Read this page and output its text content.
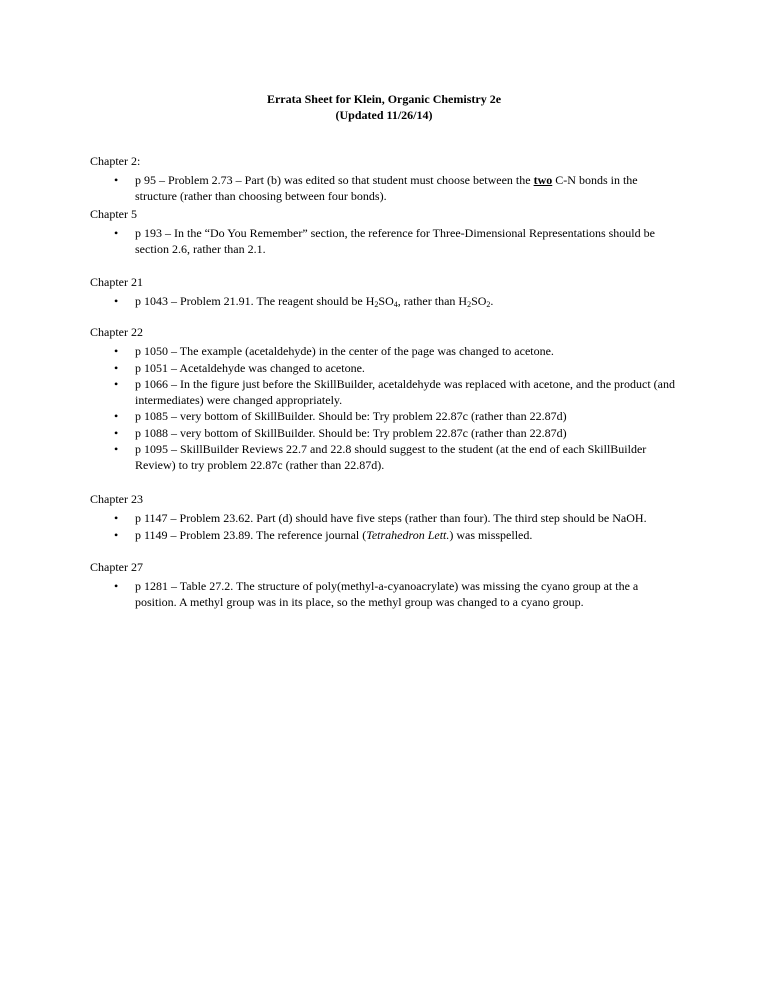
Errata Sheet for Klein, Organic Chemistry 2e
(Updated 11/26/14)

Chapter 2:

• p 95 – Problem 2.73 – Part (b) was edited so that student must choose between the two C-N bonds in the structure (rather than choosing between four bonds).

Chapter 5

• p 193 – In the “Do You Remember” section, the reference for Three-Dimensional Representations should be section 2.6, rather than 2.1.

Chapter 21

• p 1043 – Problem 21.91. The reagent should be $H_2SO_4$, rather than $H_2SO_2$.

Chapter 22

• p 1050 – The example (acetaldehyde) in the center of the page was changed to acetone.
• p 1051 – Acetaldehyde was changed to acetone.
• p 1066 – In the figure just before the SkillBuilder, acetaldehyde was replaced with acetone, and the product (and intermediates) were changed appropriately.
• p 1085 – very bottom of SkillBuilder. Should be: Try problem 22.87c (rather than 22.87d)
• p 1088 – very bottom of SkillBuilder. Should be: Try problem 22.87c (rather than 22.87d)
• p 1095 – SkillBuilder Reviews 22.7 and 22.8 should suggest to the student (at the end of each SkillBuilder Review) to try problem 22.87c (rather than 22.87d).

Chapter 23

• p 1147 – Problem 23.62. Part (d) should have five steps (rather than four). The third step should be NaOH.
• p 1149 – Problem 23.89. The reference journal (Tetrahedron Lett.) was misspelled.

Chapter 27

• p 1281 – Table 27.2. The structure of poly(methyl-a-cyanoacrylate) was missing the cyano group at the a position. A methyl group was in its place, so the methyl group was changed to a cyano group.
